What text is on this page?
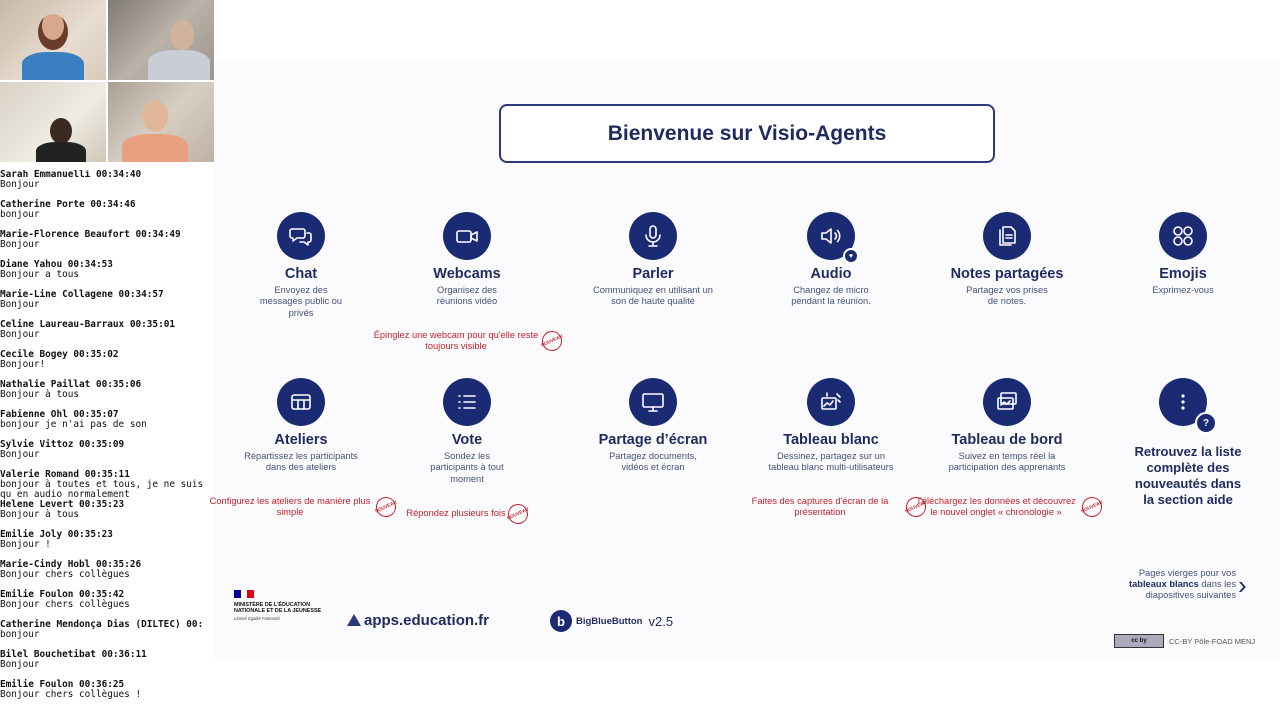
Sarah Emmanuelli 00:34:40
Bonjour
Catherine Porte 00:34:46
bonjour
Marie-Florence Beaufort 00:34:49
Bonjour
Diane Yahou 00:34:53
Bonjour a tous
Marie-Line Collagene 00:34:57
Bonjour
Celine Laureau-Barraux 00:35:01
Bonjour
Cecile Bogey 00:35:02
Bonjour!
Nathalie Paillat 00:35:06
Bonjour à tous
Fabienne Ohl 00:35:07
bonjour je n'ai pas de son
Sylvie Vittoz 00:35:09
Bonjour
Valerie Romand 00:35:11
bonjour à toutes et tous, je ne suis qu en audio normalement
Helene Levert 00:35:23
Bonjour à tous
Emilie Joly 00:35:23
Bonjour !
Marie-Cindy Hobl 00:35:26
Bonjour chers collègues
Emilie Foulon 00:35:42
Bonjour chers collègues
Catherine Mendonça Dias (DILTEC) 00:
bonjour
Bilel Bouchetibat 00:36:11
Bonjour
Emilie Foulon 00:36:25
Bonjour chers collègues !
Bienvenue sur Visio-Agents
Chat
Envoyez des messages public ou privés
Webcams
Organisez des réunions vidéo

Épinglez une webcam pour qu'elle reste toujours visible	NOUVEAU
Parler
Communiquez en utilisant un son de haute qualité
♥
Audio
Changez de micro pendant la réunion.
Notes partagées
Partagez vos prises de notes.
Emojis
Exprimez-vous
Ateliers
Répartissez les participants dans des ateliers

Configurez les ateliers de manière plus simple	NOUVEAU
Vote
Sondez les participants à tout moment

Répondez plusieurs fois NOUVEAU
Partage d’écran
Partagez documents, vidéos et écran
Tableau blanc
Dessinez, partagez sur un tableau blanc multi-utilisateurs

Faites des captures d'écran de la présentation	NOUVEAU
Tableau de bord
Suivez en temps réel la participation des apprenants

Téléchargez les données et découvrez le nouvel onglet « chronologie »	NOUVEAU
?
Retrouvez la liste complète des nouveautés dans la section aide
Pages vierges pour vos tableaux blancs dans les diapositives suivantes ›
MINISTÈRE DE L'ÉDUCATION NATIONALE ET DE LA JEUNESSE
Liberté Égalité Fraternité	apps.education.fr	b	BigBlueButton v2.5
cc by	CC-BY Pôle-FOAD MENJ
